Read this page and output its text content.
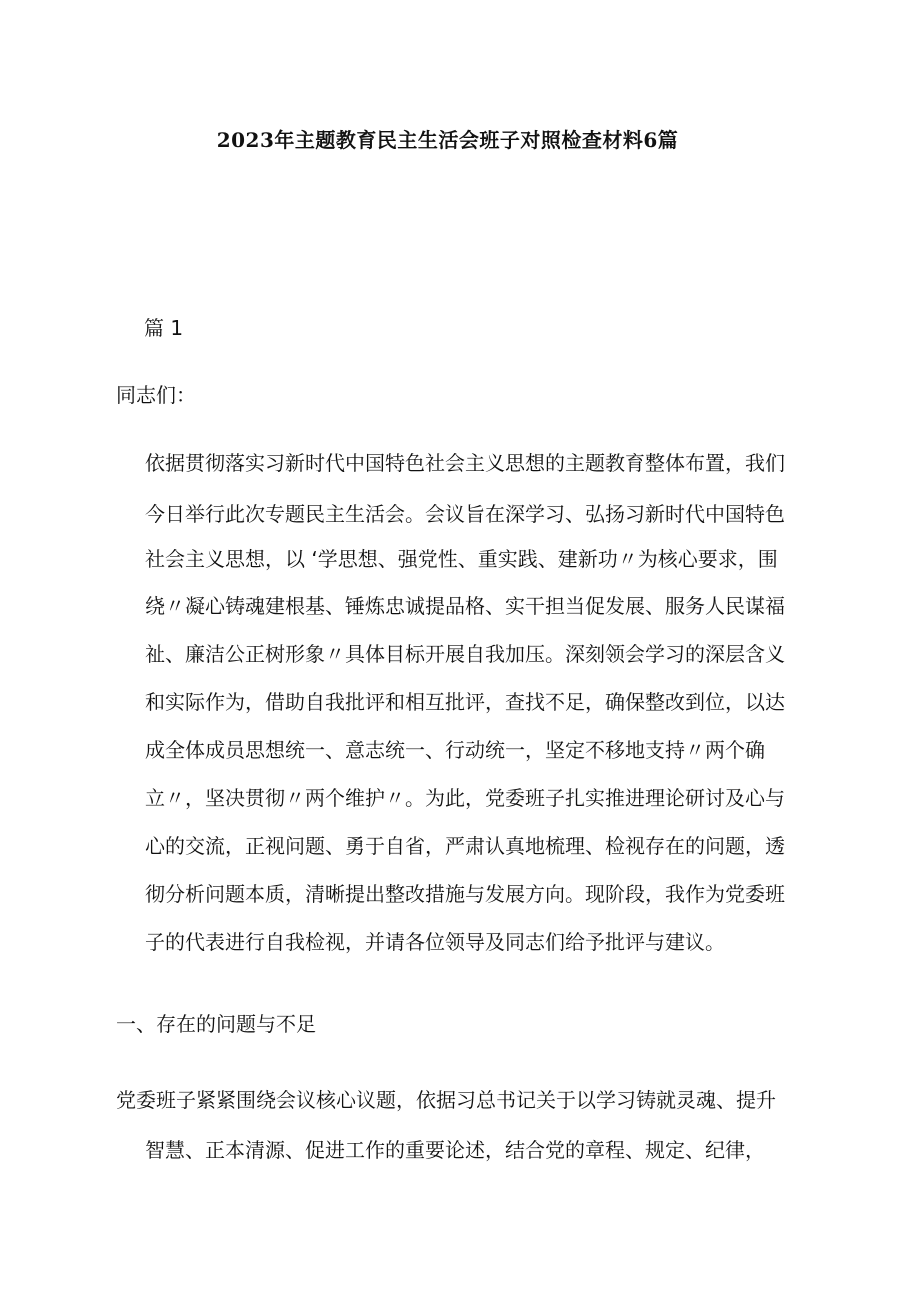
2023年主题教育民主生活会班子对照检查材料6篇
篇 1
同志们：
依据贯彻落实习新时代中国特色社会主义思想的主题教育整体布置，我们
今日举行此次专题民主生活会。会议旨在深学习、弘扬习新时代中国特色
社会主义思想，以 ‘学思想、强党性、重实践、建新功〃为核心要求，围
绕〃凝心铸魂建根基、锤炼忠诚提品格、实干担当促发展、服务人民谋福
祉、廉洁公正树形象〃具体目标开展自我加压。深刻领会学习的深层含义
和实际作为，借助自我批评和相互批评，查找不足，确保整改到位，以达
成全体成员思想统一、意志统一、行动统一，坚定不移地支持〃两个确
立〃，坚决贯彻〃两个维护〃。为此，党委班子扎实推进理论研讨及心与
心的交流，正视问题、勇于自省，严肃认真地梳理、检视存在的问题，透
彻分析问题本质，清晰提出整改措施与发展方向。现阶段，我作为党委班
子的代表进行自我检视，并请各位领导及同志们给予批评与建议。
一、存在的问题与不足
党委班子紧紧围绕会议核心议题，依据习总书记关于以学习铸就灵魂、提升
智慧、正本清源、促进工作的重要论述，结合党的章程、规定、纪律，
